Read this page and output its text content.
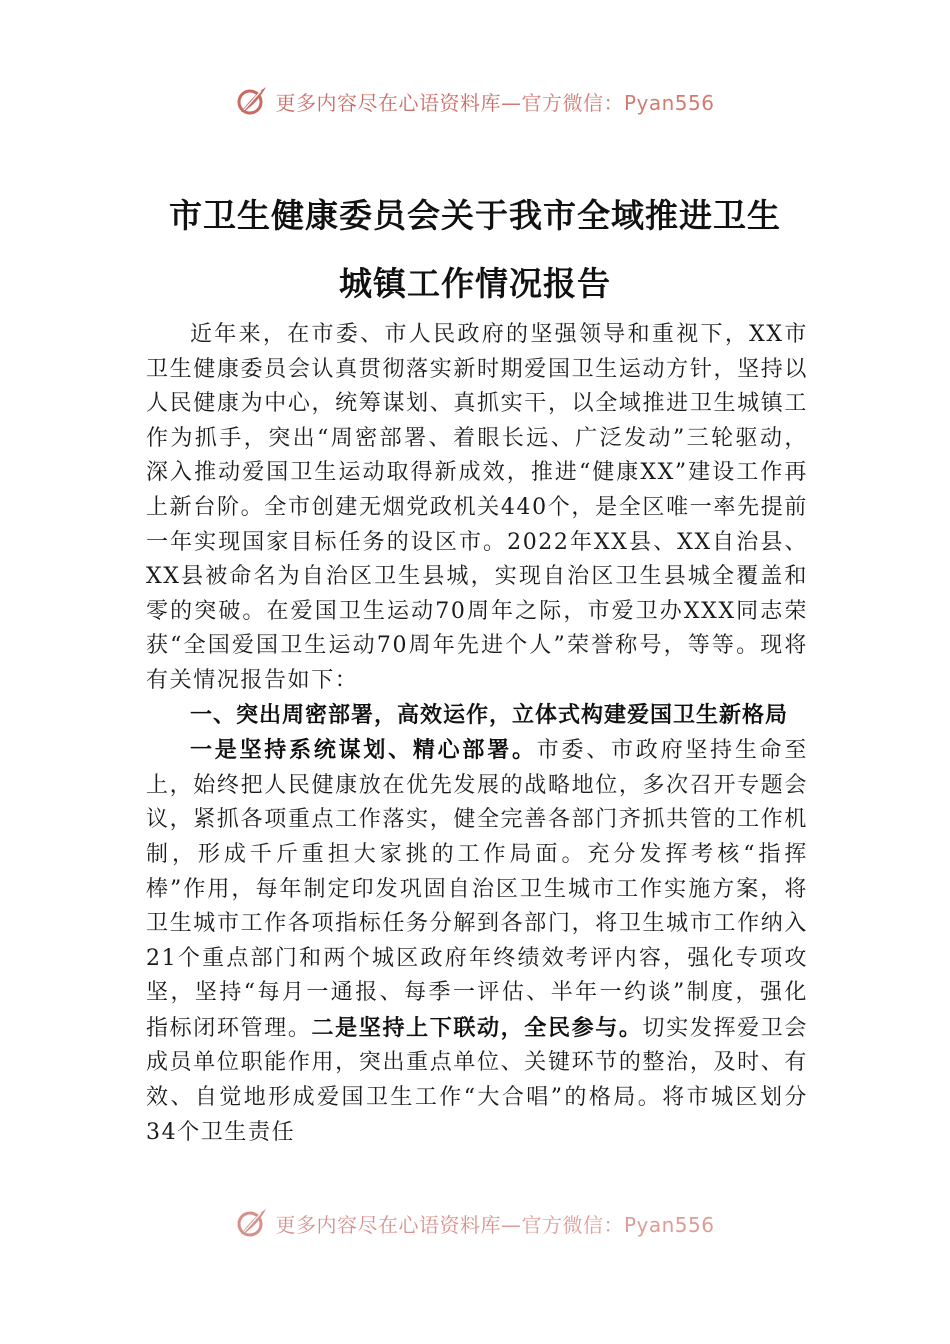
更多内容尽在心语资料库—官方微信：Pyan556
市卫生健康委员会关于我市全域推进卫生
城镇工作情况报告

近年来，在市委、市人民政府的坚强领导和重视下，XX市卫生健康委员会认真贯彻落实新时期爱国卫生运动方针，坚持以人民健康为中心，统筹谋划、真抓实干，以全域推进卫生城镇工作为抓手，突出“周密部署、着眼长远、广泛发动”三轮驱动，深入推动爱国卫生运动取得新成效，推进“健康XX”建设工作再上新台阶。全市创建无烟党政机关440个，是全区唯一率先提前一年实现国家目标任务的设区市。2022年XX县、XX自治县、XX县被命名为自治区卫生县城，实现自治区卫生县城全覆盖和零的突破。在爱国卫生运动70周年之际，市爱卫办XXX同志荣获“全国爱国卫生运动70周年先进个人”荣誉称号，等等。现将有关情况报告如下：

一、突出周密部署，高效运作，立体式构建爱国卫生新格局

一是坚持系统谋划、精心部署。市委、市政府坚持生命至上，始终把人民健康放在优先发展的战略地位，多次召开专题会议，紧抓各项重点工作落实，健全完善各部门齐抓共管的工作机制，形成千斤重担大家挑的工作局面。充分发挥考核“指挥棒”作用，每年制定印发巩固自治区卫生城市工作实施方案，将卫生城市工作各项指标任务分解到各部门，将卫生城市工作纳入21个重点部门和两个城区政府年终绩效考评内容，强化专项攻坚，坚持“每月一通报、每季一评估、半年一约谈”制度，强化指标闭环管理。二是坚持上下联动，全民参与。切实发挥爱卫会成员单位职能作用，突出重点单位、关键环节的整治，及时、有效、自觉地形成爱国卫生工作“大合唱”的格局。将市城区划分34个卫生责任

更多内容尽在心语资料库—官方微信：Pyan556
